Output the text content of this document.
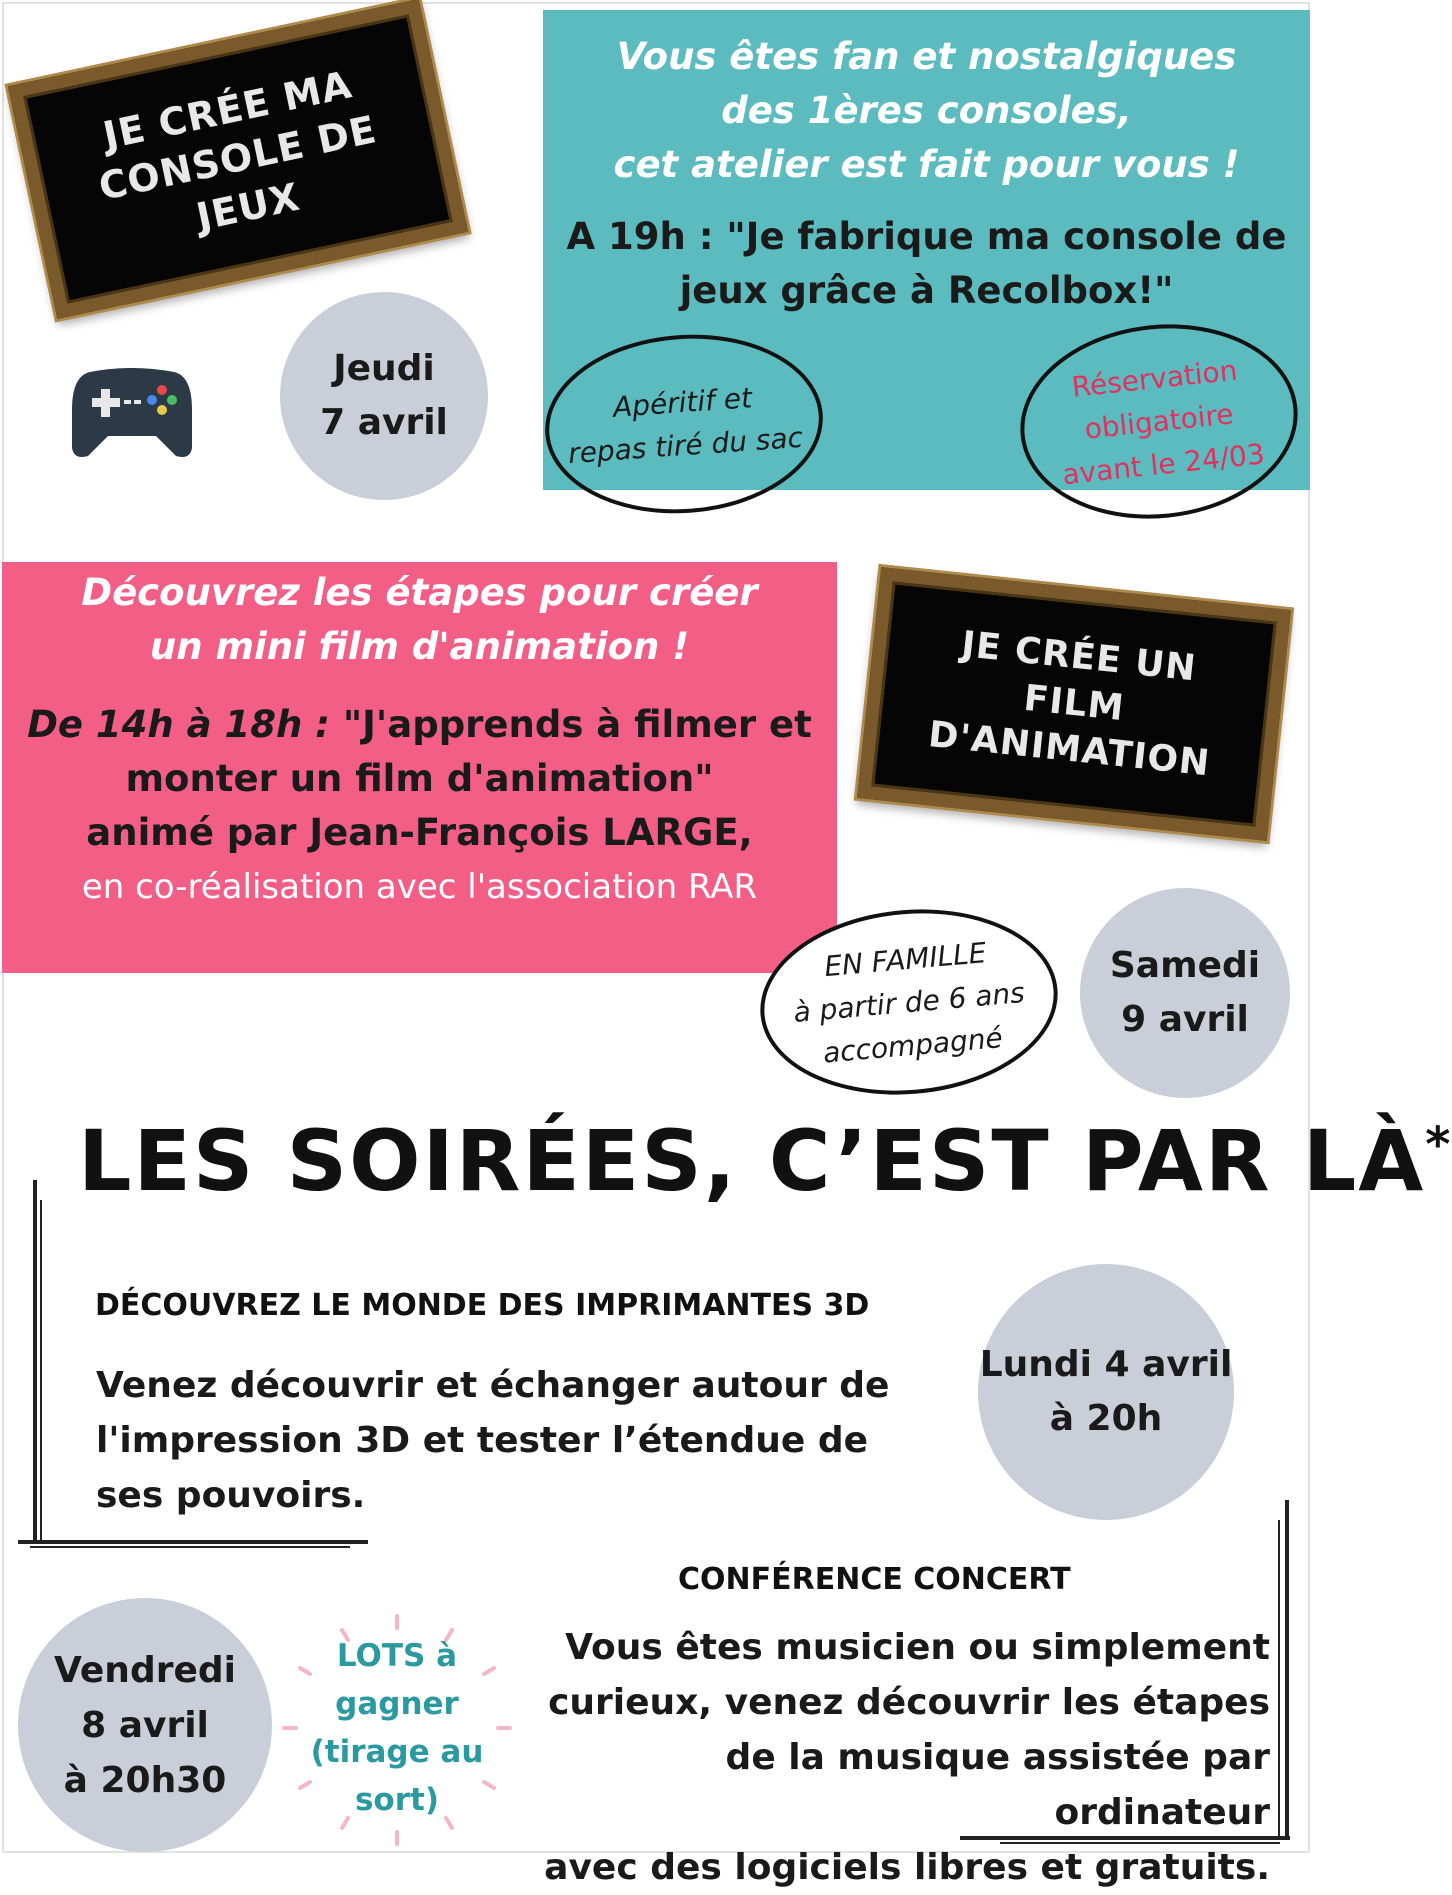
JE CRÉE MA
CONSOLE DE JEUX
Jeudi
7 avril
Vous êtes fan et nostalgiques
des 1ères consoles,
cet atelier est fait pour vous !
A 19h : "Je fabrique ma console de
jeux grâce à Recolbox!"
Apéritif et
repas tiré du sac
Réservation
obligatoire
avant le 24/03
Découvrez les étapes pour créer
un mini film d'animation !
De 14h à 18h : "J'apprends à filmer et
monter un film d'animation"
animé par Jean-François LARGE,
en co-réalisation avec l'association RAR
JE CRÉE UN
FILM D'ANIMATION
EN FAMILLE
à partir de 6 ans
accompagné
Samedi
9 avril
LES SOIRÉES, C’EST PAR LÀ*
DÉCOUVREZ LE MONDE DES IMPRIMANTES 3D
Venez découvrir et échanger autour de
l'impression 3D et tester l’étendue de
ses pouvoirs.
Lundi 4 avril
à 20h
Vendredi
8 avril
à 20h30
LOTS à
gagner
(tirage au
sort)
CONFÉRENCE CONCERT
Vous êtes musicien ou simplement
curieux, venez découvrir les étapes
de la musique assistée par ordinateur
avec des logiciels libres et gratuits.
